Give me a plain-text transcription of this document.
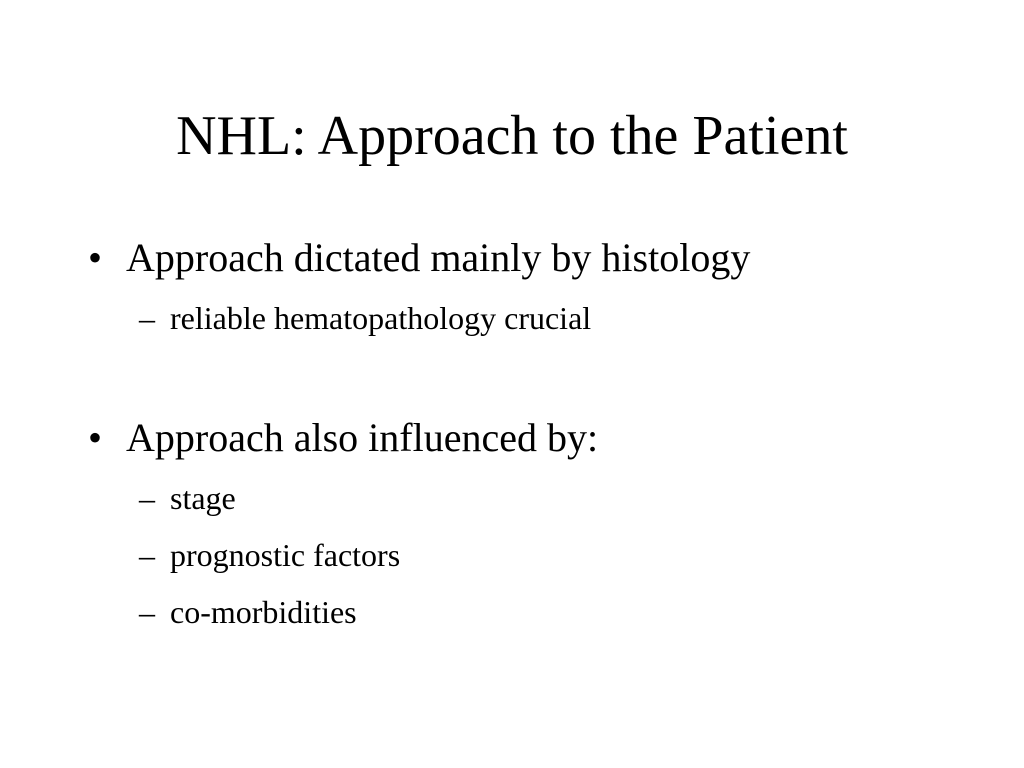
NHL: Approach to the Patient
• Approach dictated mainly by histology
– reliable hematopathology crucial
• Approach also influenced by:
– stage
– prognostic factors
– co-morbidities
